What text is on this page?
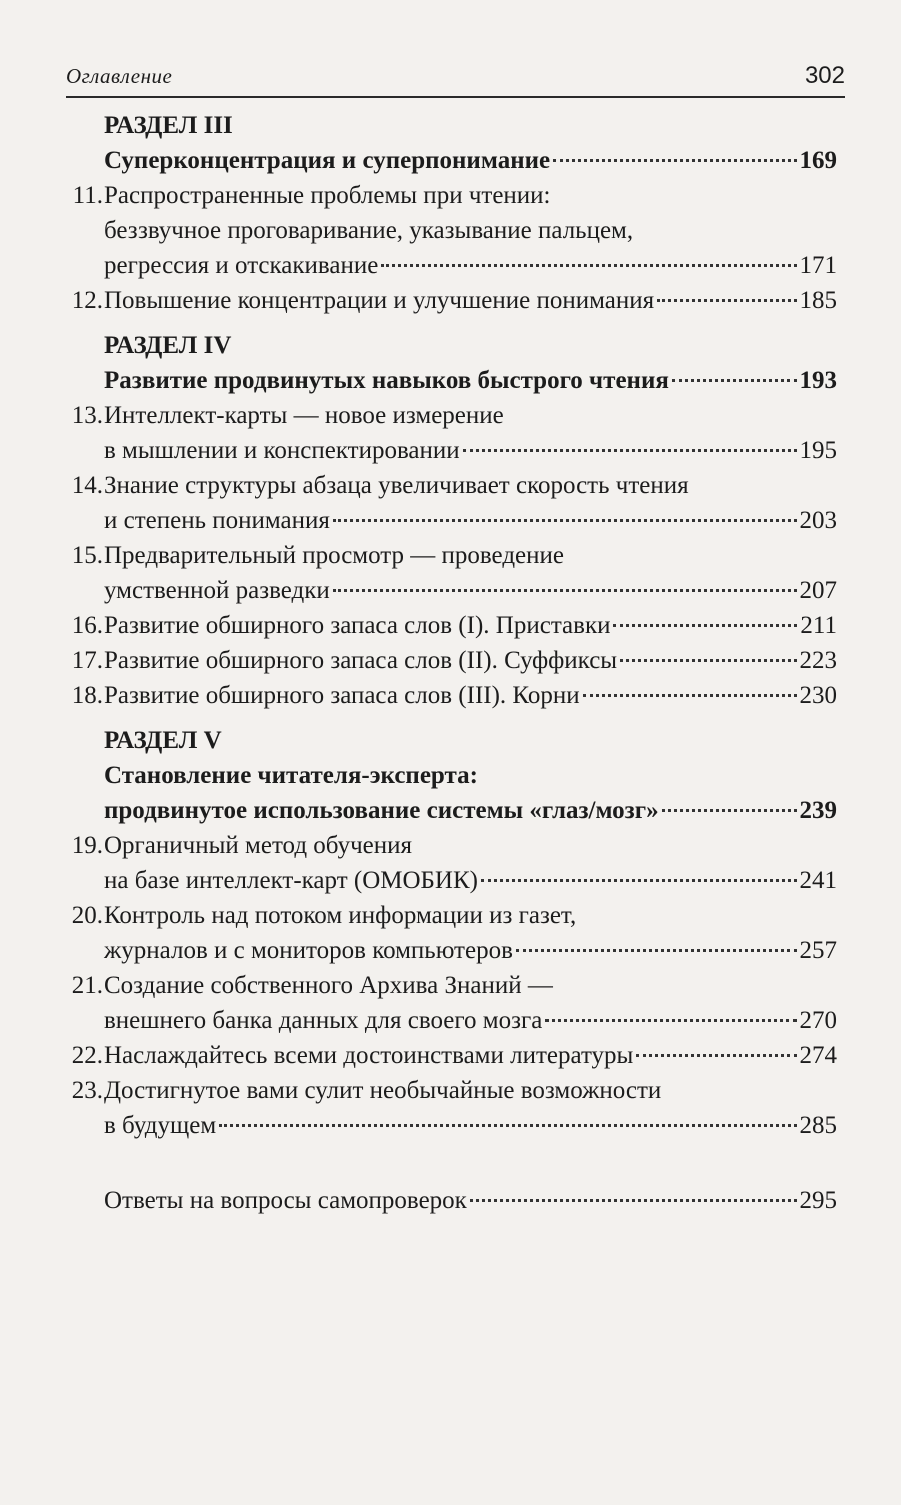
Оглавление	302
РАЗДЕЛ III
Суперконцентрация и суперпонимание	169
11. Распространенные проблемы при чтении:
беззвучное проговаривание, указывание пальцем,
регрессия и отскакивание	171
12. Повышение концентрации и улучшение понимания	185
РАЗДЕЛ IV
Развитие продвинутых навыков быстрого чтения	193
13. Интеллект-карты — новое измерение
в мышлении и конспектировании	195
14. Знание структуры абзаца увеличивает скорость чтения
и степень понимания	203
15. Предварительный просмотр — проведение
умственной разведки	207
16. Развитие обширного запаса слов (I). Приставки	211
17. Развитие обширного запаса слов (II). Суффиксы	223
18. Развитие обширного запаса слов (III). Корни	230
РАЗДЕЛ V
Становление читателя-эксперта:
продвинутое использование системы «глаз/мозг»	239
19. Органичный метод обучения
на базе интеллект-карт (ОМОБИК)	241
20. Контроль над потоком информации из газет,
журналов и с мониторов компьютеров	257
21. Создание собственного Архива Знаний —
внешнего банка данных для своего мозга	270
22. Наслаждайтесь всеми достоинствами литературы	274
23. Достигнутое вами сулит необычайные возможности
в будущем	285
Ответы на вопросы самопроверок	295
